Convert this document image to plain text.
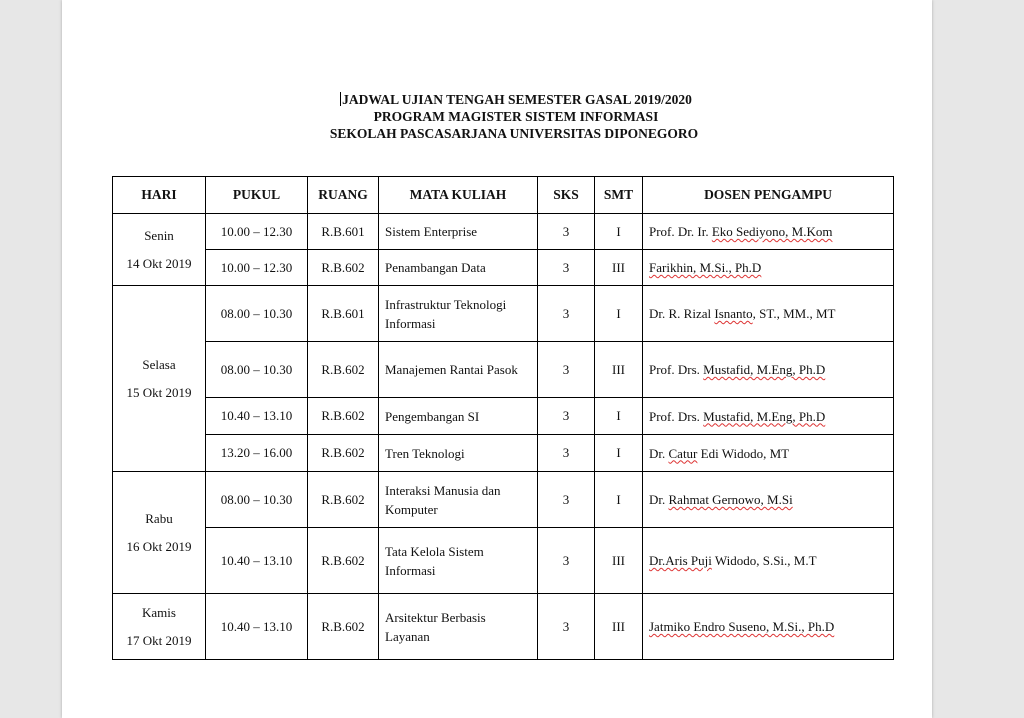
JADWAL UJIAN TENGAH SEMESTER GASAL 2019/2020
PROGRAM MAGISTER SISTEM INFORMASI
SEKOLAH PASCASARJANA UNIVERSITAS DIPONEGORO
HARI	PUKUL	RUANG	MATA KULIAH	SKS	SMT	DOSEN PENGAMPU

Senin
14 Okt 2019	10.00 – 12.30	R.B.601	Sistem Enterprise	3	I	Prof. Dr. Ir. Eko Sediyono, M.Kom
	10.00 – 12.30	R.B.602	Penambangan Data	3	III	Farikhin, M.Si., Ph.D

Selasa
15 Okt 2019	08.00 – 10.30	R.B.601	Infrastruktur Teknologi Informasi	3	I	Dr. R. Rizal Isnanto, ST., MM., MT
	08.00 – 10.30	R.B.602	Manajemen Rantai Pasok	3	III	Prof. Drs. Mustafid, M.Eng, Ph.D
	10.40 – 13.10	R.B.602	Pengembangan SI	3	I	Prof. Drs. Mustafid, M.Eng, Ph.D
	13.20 – 16.00	R.B.602	Tren Teknologi	3	I	Dr. Catur Edi Widodo, MT

Rabu
16 Okt 2019	08.00 – 10.30	R.B.602	Interaksi Manusia dan Komputer	3	I	Dr. Rahmat Gernowo, M.Si
	10.40 – 13.10	R.B.602	Tata Kelola Sistem Informasi	3	III	Dr.Aris Puji Widodo, S.Si., M.T

Kamis
17 Okt 2019	10.40 – 13.10	R.B.602	Arsitektur Berbasis Layanan	3	III	Jatmiko Endro Suseno, M.Si., Ph.D
